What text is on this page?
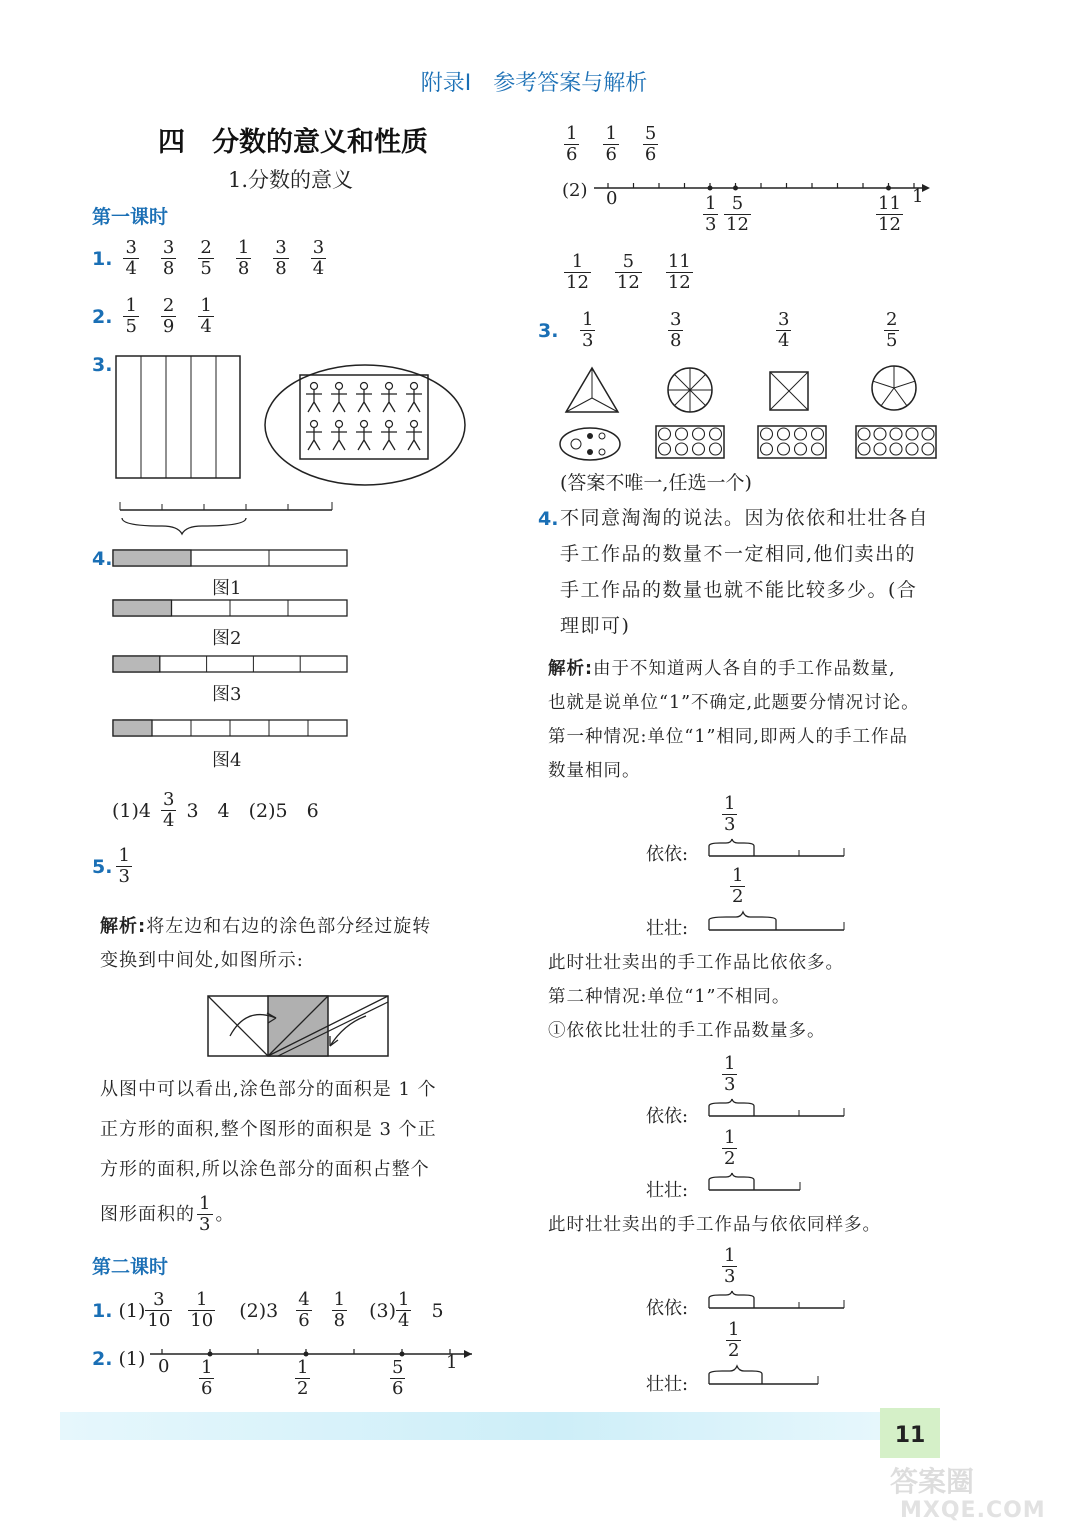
附录Ⅰ　参考答案与解析
四　分数的意义和性质
1.分数的意义
第一课时
1. $\frac{3}{4} \frac{3}{8} \frac{2}{5} \frac{1}{8} \frac{3}{8} \frac{3}{4}$
2. $\frac{1}{5} \frac{2}{9} \frac{1}{4}$
3.
4.
图1
图2
图3
图4
$(1)4 \frac{3}{4} 3$　4　(2)5　6
5. $\frac{1}{3}$
解析:将左边和右边的涂色部分经过旋转
变换到中间处,如图所示:
从图中可以看出,涂色部分的面积是 1 个
正方形的面积,整个图形的面积是 3 个正
方形的面积,所以涂色部分的面积占整个
图形面积的 $\frac{1}{3}$ 。
第二课时
1. $(1) \frac{3}{10} \frac{1}{10} (2)3 \frac{4}{6} \frac{1}{8} (3) \frac{1}{4} 5$
2. (1) 0	1
$\frac{1}{6}$	$\frac{1}{2}$	$\frac{5}{6}$
$\frac{1}{6} \frac{1}{6} \frac{5}{6}$
(2) 0	1
$\frac{1}{3} \frac{5}{12}$	$\frac{11}{12}$
$\frac{1}{12} \frac{5}{12} \frac{11}{12}$
3. $\frac{1}{3}$	$\frac{3}{8}$	$\frac{3}{4}$	$\frac{2}{5}$
(答案不唯一,任选一个)
4. 不同意淘淘的说法。因为依依和壮壮各自
手工作品的数量不一定相同,他们卖出的
手工作品的数量也就不能比较多少。(合
理即可)
解析:由于不知道两人各自的手工作品数量,
也就是说单位“1”不确定,此题要分情况讨论。
第一种情况:单位“1”相同,即两人的手工作品
数量相同。
$\frac{1}{3}$
依依:
$\frac{1}{2}$
壮壮:
此时壮壮卖出的手工作品比依依多。
第二种情况:单位“1”不相同。
①依依比壮壮的手工作品数量多。
$\frac{1}{3}$
依依:
$\frac{1}{2}$
壮壮:
此时壮壮卖出的手工作品与依依同样多。
$\frac{1}{3}$
依依:
$\frac{1}{2}$
壮壮:
11
答案圈
MXQE.COM
